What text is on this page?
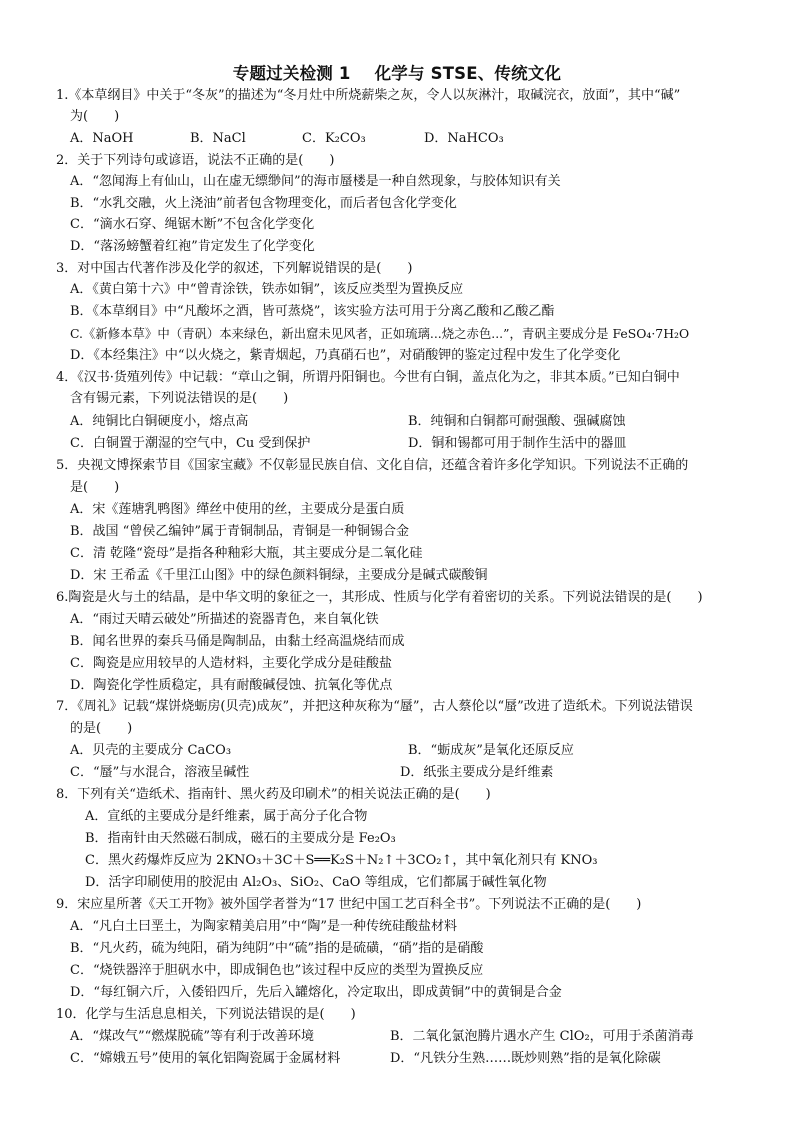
专题过关检测 1 化学与 STSE、传统文化
1.《本草纲目》中关于“冬灰”的描述为“冬月灶中所烧薪柴之灰，令人以灰淋汁，取碱浣衣，放面”，其中“碱”
为(　　)
A．NaOH	B．NaCl	C．K₂CO₃	D．NaHCO₃
2．关于下列诗句或谚语，说法不正确的是(　　)
A．“忽闻海上有仙山，山在虚无缥缈间”的海市蜃楼是一种自然现象，与胶体知识有关
B．“水乳交融，火上浇油”前者包含物理变化，而后者包含化学变化
C．“滴水石穿、绳锯木断”不包含化学变化
D．“落汤螃蟹着红袍”肯定发生了化学变化
3．对中国古代著作涉及化学的叙述，下列解说错误的是(　　)
A．《黄白第十六》中“曾青涂铁，铁赤如铜”，该反应类型为置换反应
B．《本草纲目》中“凡酸坏之酒，皆可蒸烧”，该实验方法可用于分离乙酸和乙酸乙酯
C.《新修本草》中（青矾）本来绿色，新出窟未见风者，正如琉璃...烧之赤色...”，青矾主要成分是 FeSO₄·7H₂O
D．《本经集注》中“以火烧之，紫青烟起，乃真硝石也”，对硝酸钾的鉴定过程中发生了化学变化
4．《汉书·货殖列传》中记载：“章山之铜，所谓丹阳铜也。今世有白铜，盖点化为之，非其本质。”已知白铜中
含有锡元素，下列说法错误的是(　　)
A．纯铜比白铜硬度小，熔点高	B．纯铜和白铜都可耐强酸、强碱腐蚀
C．白铜置于潮湿的空气中，Cu 受到保护	D．铜和锡都可用于制作生活中的器皿
5．央视文博探索节目《国家宝藏》不仅彰显民族自信、文化自信，还蕴含着许多化学知识。下列说法不正确的
是(　　)
A．宋《莲塘乳鸭图》缂丝中使用的丝，主要成分是蛋白质
B．战国 “曾侯乙编钟”属于青铜制品，青铜是一种铜锡合金
C．清 乾隆“瓷母”是指各种釉彩大瓶，其主要成分是二氧化硅
D．宋 王希孟《千里江山图》中的绿色颜料铜绿，主要成分是碱式碳酸铜
6.陶瓷是火与土的结晶，是中华文明的象征之一，其形成、性质与化学有着密切的关系。下列说法错误的是(　　)
A．“雨过天晴云破处”所描述的瓷器青色，来自氧化铁
B．闻名世界的秦兵马俑是陶制品，由黏土经高温烧结而成
C．陶瓷是应用较早的人造材料，主要化学成分是硅酸盐
D．陶瓷化学性质稳定，具有耐酸碱侵蚀、抗氧化等优点
7．《周礼》记载“煤饼烧蛎房(贝壳)成灰”，并把这种灰称为“蜃”，古人蔡伦以“蜃”改进了造纸术。下列说法错误
的是(　　)
A．贝壳的主要成分 CaCO₃	B．“蛎成灰”是氧化还原反应
C．“蜃”与水混合，溶液呈碱性	D．纸张主要成分是纤维素
8．下列有关“造纸术、指南针、黑火药及印刷术”的相关说法正确的是(　　)
A．宣纸的主要成分是纤维素，属于高分子化合物
B．指南针由天然磁石制成，磁石的主要成分是 Fe₂O₃
C．黑火药爆炸反应为 2KNO₃＋3C＋S══K₂S＋N₂↑＋3CO₂↑，其中氧化剂只有 KNO₃
D．活字印刷使用的胶泥由 Al₂O₃、SiO₂、CaO 等组成，它们都属于碱性氧化物
9．宋应星所著《天工开物》被外国学者誉为“17 世纪中国工艺百科全书”。下列说法不正确的是(　　)
A．“凡白土曰垩土，为陶家精美启用”中“陶”是一种传统硅酸盐材料
B．“凡火药，硫为纯阳，硝为纯阴”中“硫”指的是硫磺，“硝”指的是硝酸
C．“烧铁器淬于胆矾水中，即成铜色也”该过程中反应的类型为置换反应
D．“每红铜六斤，入倭铅四斤，先后入罐熔化，冷定取出，即成黄铜”中的黄铜是合金
10．化学与生活息息相关，下列说法错误的是(　　)
A．“煤改气”“燃煤脱硫”等有利于改善环境	B．二氧化氯泡腾片遇水产生 ClO₂，可用于杀菌消毒
C．“嫦娥五号”使用的氧化铝陶瓷属于金属材料	D．“凡铁分生熟……既炒则熟”指的是氧化除碳
